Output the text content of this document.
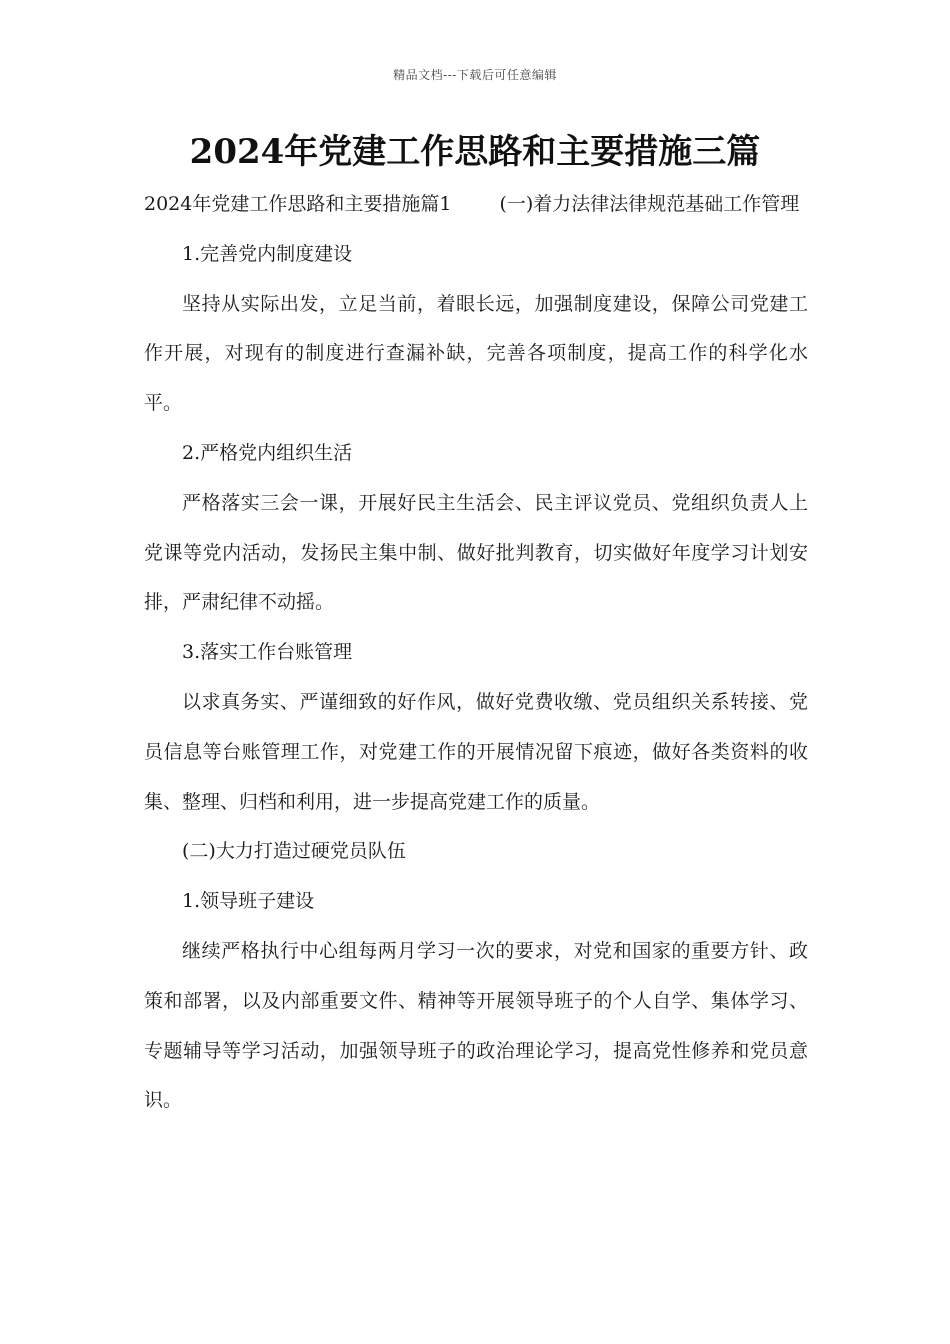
精品文档---下载后可任意编辑
2024年党建工作思路和主要措施三篇

2024年党建工作思路和主要措施篇1	(一)着力法律法律规范基础工作管理

1.完善党内制度建设

坚持从实际出发，立足当前，着眼长远，加强制度建设，保障公司党建工作开展，对现有的制度进行查漏补缺，完善各项制度，提高工作的科学化水平。

2.严格党内组织生活

严格落实三会一课，开展好民主生活会、民主评议党员、党组织负责人上党课等党内活动，发扬民主集中制、做好批判教育，切实做好年度学习计划安排，严肃纪律不动摇。

3.落实工作台账管理

以求真务实、严谨细致的好作风，做好党费收缴、党员组织关系转接、党员信息等台账管理工作，对党建工作的开展情况留下痕迹，做好各类资料的收集、整理、归档和利用，进一步提高党建工作的质量。

(二)大力打造过硬党员队伍

1.领导班子建设

继续严格执行中心组每两月学习一次的要求，对党和国家的重要方针、政策和部署，以及内部重要文件、精神等开展领导班子的个人自学、集体学习、专题辅导等学习活动，加强领导班子的政治理论学习，提高党性修养和党员意识。
